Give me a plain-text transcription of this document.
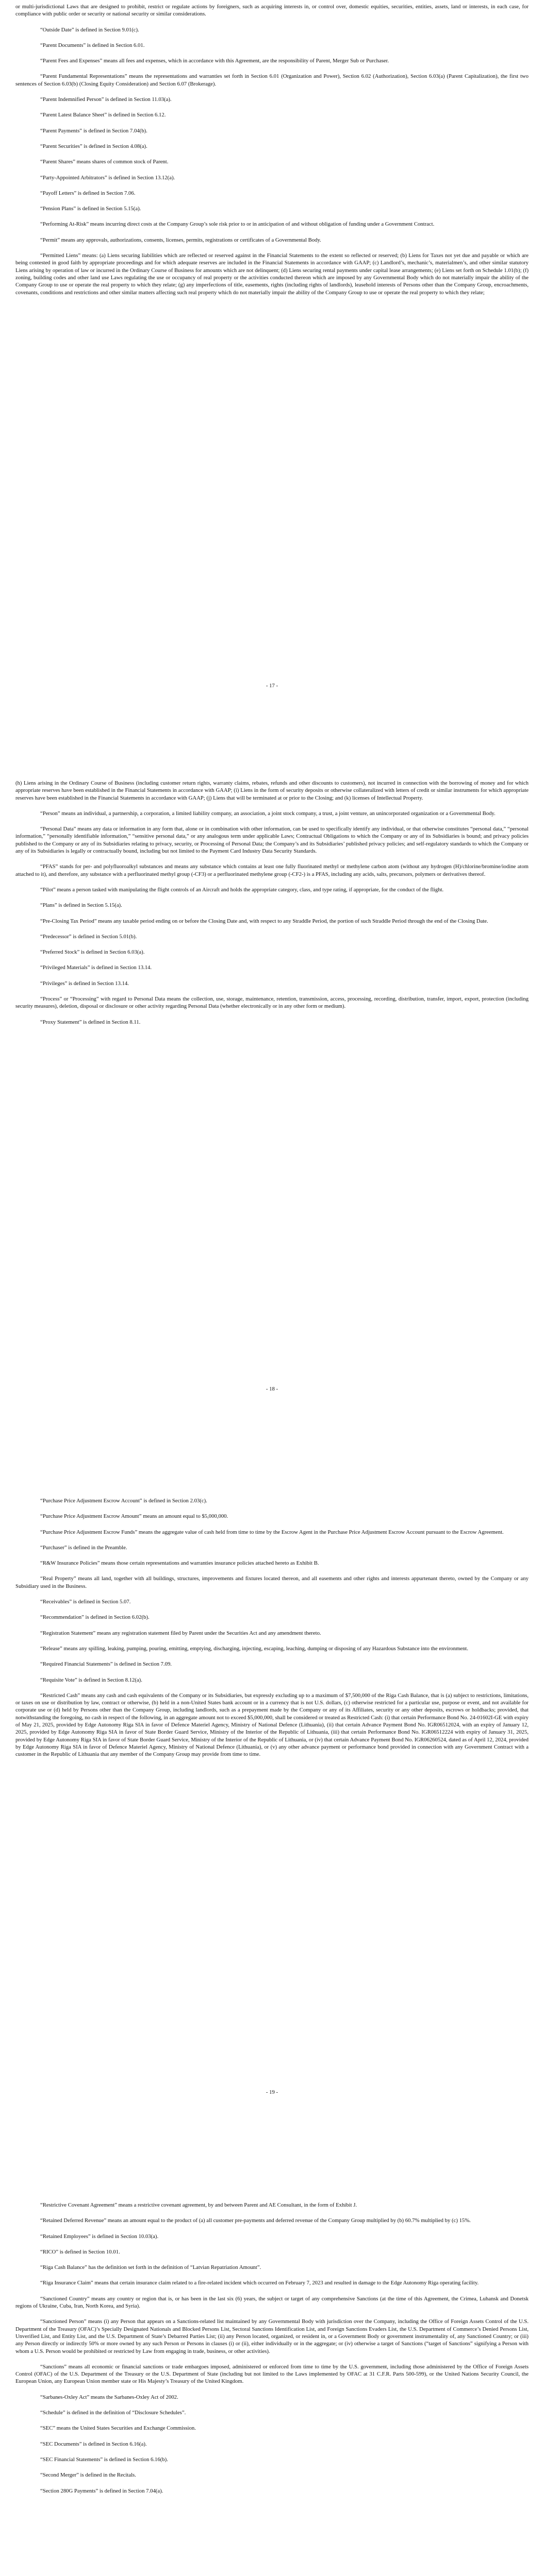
or multi-jurisdictional Laws that are designed to prohibit, restrict or regulate actions by foreigners, such as acquiring interests in, or control over, domestic equities, securities, entities, assets, land or interests, in each case, for compliance with public order or security or national security or similar considerations.

“Outside Date” is defined in Section 9.01(c).

“Parent Documents” is defined in Section 6.01.

“Parent Fees and Expenses” means all fees and expenses, which in accordance with this Agreement, are the responsibility of Parent, Merger Sub or Purchaser.

“Parent Fundamental Representations” means the representations and warranties set forth in Section 6.01 (Organization and Power), Section 6.02 (Authorization), Section 6.03(a) (Parent Capitalization), the first two sentences of Section 6.03(b) (Closing Equity Consideration) and Section 6.07 (Brokerage).

“Parent Indemnified Person” is defined in Section 11.03(a).

“Parent Latest Balance Sheet” is defined in Section 6.12.

“Parent Payments” is defined in Section 7.04(b).

“Parent Securities” is defined in Section 4.08(a).

“Parent Shares” means shares of common stock of Parent.

“Party-Appointed Arbitrators” is defined in Section 13.12(a).

“Payoff Letters” is defined in Section 7.06.

“Pension Plans” is defined in Section 5.15(a).

“Performing At-Risk” means incurring direct costs at the Company Group’s sole risk prior to or in anticipation of and without obligation of funding under a Government Contract.

“Permit” means any approvals, authorizations, consents, licenses, permits, registrations or certificates of a Governmental Body.

“Permitted Liens” means: (a) Liens securing liabilities which are reflected or reserved against in the Financial Statements to the extent so reflected or reserved; (b) Liens for Taxes not yet due and payable or which are being contested in good faith by appropriate proceedings and for which adequate reserves are included in the Financial Statements in accordance with GAAP; (c) Landlord’s, mechanic’s, materialmen’s, and other similar statutory Liens arising by operation of law or incurred in the Ordinary Course of Business for amounts which are not delinquent; (d) Liens securing rental payments under capital lease arrangements; (e) Liens set forth on Schedule 1.01(b); (f) zoning, building codes and other land use Laws regulating the use or occupancy of real property or the activities conducted thereon which are imposed by any Governmental Body which do not materially impair the ability of the Company Group to use or operate the real property to which they relate; (g) any imperfections of title, easements, rights (including rights of landlords), leasehold interests of Persons other than the Company Group, encroachments, covenants, conditions and restrictions and other similar matters affecting such real property which do not materially impair the ability of the Company Group to use or operate the real property to which they relate;

- 17 -

(h) Liens arising in the Ordinary Course of Business (including customer return rights, warranty claims, rebates, refunds and other discounts to customers), not incurred in connection with the borrowing of money and for which appropriate reserves have been established in the Financial Statements in accordance with GAAP; (i) Liens in the form of security deposits or otherwise collateralized with letters of credit or similar instruments for which appropriate reserves have been established in the Financial Statements in accordance with GAAP; (j) Liens that will be terminated at or prior to the Closing; and (k) licenses of Intellectual Property.

“Person” means an individual, a partnership, a corporation, a limited liability company, an association, a joint stock company, a trust, a joint venture, an unincorporated organization or a Governmental Body.

“Personal Data” means any data or information in any form that, alone or in combination with other information, can be used to specifically identify any individual, or that otherwise constitutes “personal data,” “personal information,” “personally identifiable information,” “sensitive personal data,” or any analogous term under applicable Laws; Contractual Obligations to which the Company or any of its Subsidiaries is bound; and privacy policies published to the Company or any of its Subsidiaries relating to privacy, security, or Processing of Personal Data; the Company’s and its Subsidiaries’ published privacy policies; and self-regulatory standards to which the Company or any of its Subsidiaries is legally or contractually bound, including but not limited to the Payment Card Industry Data Security Standards.

“PFAS” stands for per- and polyfluoroalkyl substances and means any substance which contains at least one fully fluorinated methyl or methylene carbon atom (without any hydrogen (H)/chlorine/bromine/iodine atom attached to it), and therefore, any substance with a perfluorinated methyl group (-CF3) or a perfluorinated methylene group (-CF2-) is a PFAS, including any acids, salts, precursors, polymers or derivatives thereof.

“Pilot” means a person tasked with manipulating the flight controls of an Aircraft and holds the appropriate category, class, and type rating, if appropriate, for the conduct of the flight.

“Plans” is defined in Section 5.15(a).

“Pre-Closing Tax Period” means any taxable period ending on or before the Closing Date and, with respect to any Straddle Period, the portion of such Straddle Period through the end of the Closing Date.

“Predecessor” is defined in Section 5.01(b).

“Preferred Stock” is defined in Section 6.03(a).

“Privileged Materials” is defined in Section 13.14.

“Privileges” is defined in Section 13.14.

“Process” or “Processing” with regard to Personal Data means the collection, use, storage, maintenance, retention, transmission, access, processing, recording, distribution, transfer, import, export, protection (including security measures), deletion, disposal or disclosure or other activity regarding Personal Data (whether electronically or in any other form or medium).

“Proxy Statement” is defined in Section 8.11.

- 18 -

“Purchase Price Adjustment Escrow Account” is defined in Section 2.03(c).

“Purchase Price Adjustment Escrow Amount” means an amount equal to $5,000,000.

“Purchase Price Adjustment Escrow Funds” means the aggregate value of cash held from time to time by the Escrow Agent in the Purchase Price Adjustment Escrow Account pursuant to the Escrow Agreement.

“Purchaser” is defined in the Preamble.

“R&W Insurance Policies” means those certain representations and warranties insurance policies attached hereto as Exhibit B.

“Real Property” means all land, together with all buildings, structures, improvements and fixtures located thereon, and all easements and other rights and interests appurtenant thereto, owned by the Company or any Subsidiary used in the Business.

“Receivables” is defined in Section 5.07.

“Recommendation” is defined in Section 6.02(b).

“Registration Statement” means any registration statement filed by Parent under the Securities Act and any amendment thereto.

“Release” means any spilling, leaking, pumping, pouring, emitting, emptying, discharging, injecting, escaping, leaching, dumping or disposing of any Hazardous Substance into the environment.

“Required Financial Statements” is defined in Section 7.09.

“Requisite Vote” is defined in Section 8.12(a).

“Restricted Cash” means any cash and cash equivalents of the Company or its Subsidiaries, but expressly excluding up to a maximum of $7,500,000 of the Riga Cash Balance, that is (a) subject to restrictions, limitations, or taxes on use or distribution by law, contract or otherwise, (b) held in a non-United States bank account or in a currency that is not U.S. dollars, (c) otherwise restricted for a particular use, purpose or event, and not available for corporate use or (d) held by Persons other than the Company Group, including landlords, such as a prepayment made by the Company or any of its Affiliates, security or any other deposits, escrows or holdbacks; provided, that notwithstanding the foregoing, no cash in respect of the following, in an aggregate amount not to exceed $5,000,000, shall be considered or treated as Restricted Cash: (i) that certain Performance Bond No. 24-01602I-GE with expiry of May 21, 2025, provided by Edge Autonomy Riga SIA in favor of Defence Materiel Agency, Ministry of National Defence (Lithuania), (ii) that certain Advance Payment Bond No. IGR06512024, with an expiry of January 12, 2025, provided by Edge Autonomy Riga SIA in favor of State Border Guard Service, Ministry of the Interior of the Republic of Lithuania, (iii) that certain Performance Bond No. IGR06512224 with expiry of January 31, 2025, provided by Edge Autonomy Riga SIA in favor of State Border Guard Service, Ministry of the Interior of the Republic of Lithuania, or (iv) that certain Advance Payment Bond No. IGR06260524, dated as of April 12, 2024, provided by Edge Autonomy Riga SIA in favor of Defence Materiel Agency, Ministry of National Defence (Lithuania), or (v) any other advance payment or performance bond provided in connection with any Government Contract with a customer in the Republic of Lithuania that any member of the Company Group may provide from time to time.

- 19 -

“Restrictive Covenant Agreement” means a restrictive covenant agreement, by and between Parent and AE Consultant, in the form of Exhibit J.

“Retained Deferred Revenue” means an amount equal to the product of (a) all customer pre-payments and deferred revenue of the Company Group multiplied by (b) 60.7% multiplied by (c) 15%.

“Retained Employees” is defined in Section 10.03(a).

“RICO” is defined in Section 10.01.

“Riga Cash Balance” has the definition set forth in the definition of “Latvian Repatriation Amount”.

“Riga Insurance Claim” means that certain insurance claim related to a fire-related incident which occurred on February 7, 2023 and resulted in damage to the Edge Autonomy Riga operating facility.

“Sanctioned Country” means any country or region that is, or has been in the last six (6) years, the subject or target of any comprehensive Sanctions (at the time of this Agreement, the Crimea, Luhansk and Donetsk regions of Ukraine, Cuba, Iran, North Korea, and Syria).

“Sanctioned Person” means (i) any Person that appears on a Sanctions-related list maintained by any Governmental Body with jurisdiction over the Company, including the Office of Foreign Assets Control of the U.S. Department of the Treasury (OFAC)’s Specially Designated Nationals and Blocked Persons List, Sectoral Sanctions Identification List, and Foreign Sanctions Evaders List, the U.S. Department of Commerce’s Denied Persons List, Unverified List, and Entity List, and the U.S. Department of State’s Debarred Parties List; (ii) any Person located, organized, or resident in, or a Government Body or government instrumentality of, any Sanctioned Country; or (iii) any Person directly or indirectly 50% or more owned by any such Person or Persons in clauses (i) or (ii), either individually or in the aggregate; or (iv) otherwise a target of Sanctions (“target of Sanctions” signifying a Person with whom a U.S. Person would be prohibited or restricted by Law from engaging in trade, business, or other activities).

“Sanctions” means all economic or financial sanctions or trade embargoes imposed, administered or enforced from time to time by the U.S. government, including those administered by the Office of Foreign Assets Control (OFAC) of the U.S. Department of the Treasury or the U.S. Department of State (including but not limited to the Laws implemented by OFAC at 31 C.F.R. Parts 500-599), or the United Nations Security Council, the European Union, any European Union member state or His Majesty’s Treasury of the United Kingdom.

“Sarbanes-Oxley Act” means the Sarbanes-Oxley Act of 2002.

“Schedule” is defined in the definition of “Disclosure Schedules”.

“SEC” means the United States Securities and Exchange Commission.

“SEC Documents” is defined in Section 6.16(a).

“SEC Financial Statements” is defined in Section 6.16(b).

“Second Merger” is defined in the Recitals.

“Section 280G Payments” is defined in Section 7.04(a).
